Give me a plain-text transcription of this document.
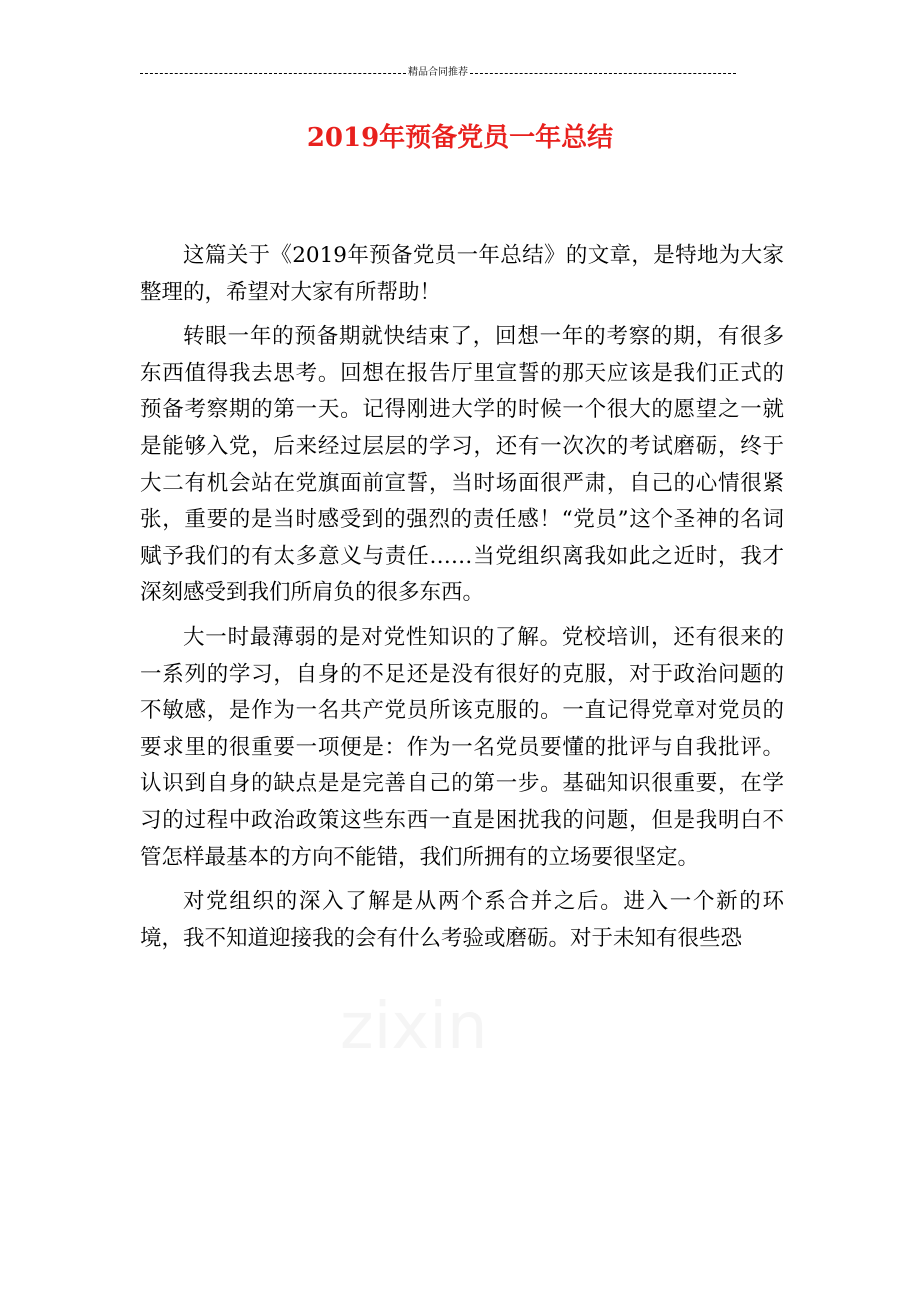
精品合同推荐
2019年预备党员一年总结
zixin

这篇关于《2019年预备党员一年总结》的文章，是特地为大家整理的，希望对大家有所帮助！

转眼一年的预备期就快结束了，回想一年的考察的期，有很多东西值得我去思考。回想在报告厅里宣誓的那天应该是我们正式的预备考察期的第一天。记得刚进大学的时候一个很大的愿望之一就是能够入党，后来经过层层的学习，还有一次次的考试磨砺，终于大二有机会站在党旗面前宣誓，当时场面很严肃，自己的心情很紧张，重要的是当时感受到的强烈的责任感！“党员”这个圣神的名词赋予我们的有太多意义与责任……当党组织离我如此之近时，我才深刻感受到我们所肩负的很多东西。

大一时最薄弱的是对党性知识的了解。党校培训，还有很来的一系列的学习，自身的不足还是没有很好的克服，对于政治问题的不敏感，是作为一名共产党员所该克服的。一直记得党章对党员的要求里的很重要一项便是：作为一名党员要懂的批评与自我批评。认识到自身的缺点是是完善自己的第一步。基础知识很重要，在学习的过程中政治政策这些东西一直是困扰我的问题，但是我明白不管怎样最基本的方向不能错，我们所拥有的立场要很坚定。

对党组织的深入了解是从两个系合并之后。进入一个新的环境，我不知道迎接我的会有什么考验或磨砺。对于未知有很些恐
